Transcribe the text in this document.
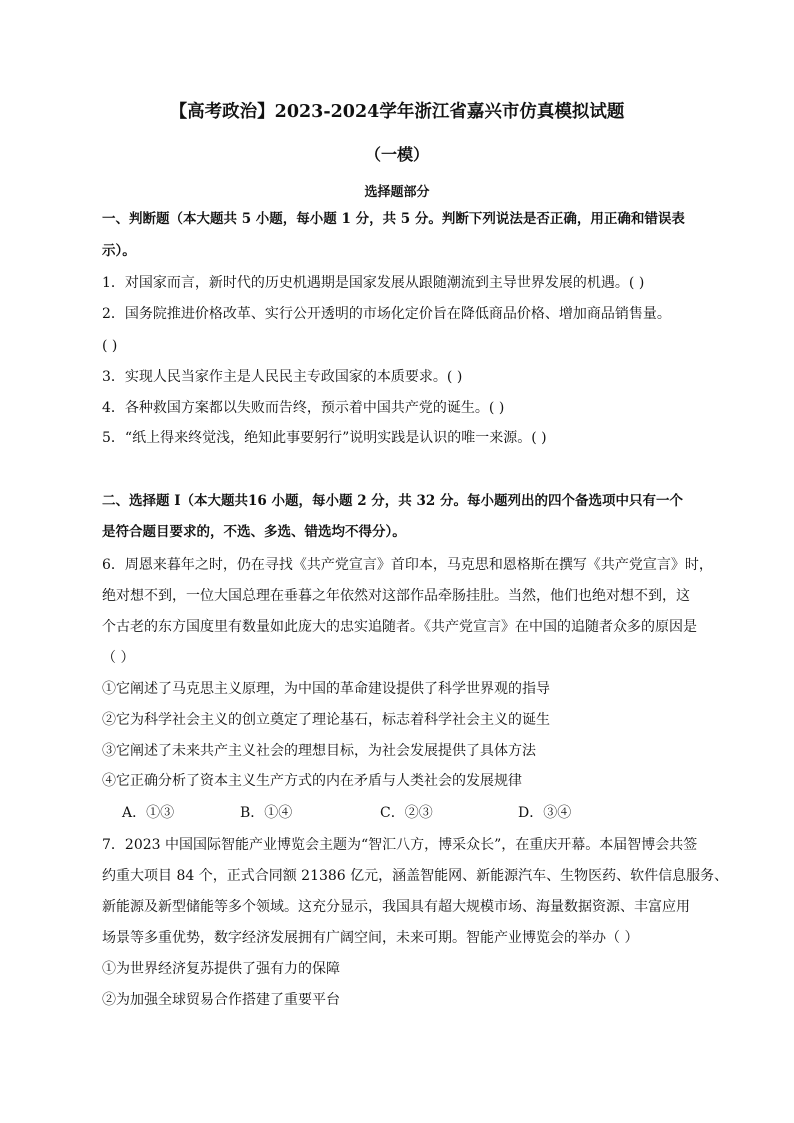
【高考政治】2023-2024学年浙江省嘉兴市仿真模拟试题
（一模）
选择题部分
一、判断题（本大题共 5 小题，每小题 1 分，共 5 分。判断下列说法是否正确，用正确和错误表
示）。
1．对国家而言，新时代的历史机遇期是国家发展从跟随潮流到主导世界发展的机遇。( )
2．国务院推进价格改革、实行公开透明的市场化定价旨在降低商品价格、增加商品销售量。
( )
3．实现人民当家作主是人民民主专政国家的本质要求。( )
4．各种救国方案都以失败而告终，预示着中国共产党的诞生。( )
5．“纸上得来终觉浅，绝知此事要躬行”说明实践是认识的唯一来源。( )
二、选择题 I（本大题共16 小题，每小题 2 分，共 32 分。每小题列出的四个备选项中只有一个
是符合题目要求的，不选、多选、错选均不得分）。
6．周恩来暮年之时，仍在寻找《共产党宣言》首印本，马克思和恩格斯在撰写《共产党宣言》时，
绝对想不到，一位大国总理在垂暮之年依然对这部作品牵肠挂肚。当然，他们也绝对想不到，这
个古老的东方国度里有数量如此庞大的忠实追随者。《共产党宣言》在中国的追随者众多的原因是
（ ）
①它阐述了马克思主义原理，为中国的革命建设提供了科学世界观的指导
②它为科学社会主义的创立奠定了理论基石，标志着科学社会主义的诞生
③它阐述了未来共产主义社会的理想目标，为社会发展提供了具体方法
④它正确分析了资本主义生产方式的内在矛盾与人类社会的发展规律
A．①③	B．①④	C．②③	D．③④
7．2023 中国国际智能产业博览会主题为“智汇八方，博采众长”，在重庆开幕。本届智博会共签
约重大项目 84 个，正式合同额 21386 亿元，涵盖智能网、新能源汽车、生物医药、软件信息服务、
新能源及新型储能等多个领域。这充分显示，我国具有超大规模市场、海量数据资源、丰富应用
场景等多重优势，数字经济发展拥有广阔空间，未来可期。智能产业博览会的举办（ ）
①为世界经济复苏提供了强有力的保障
②为加强全球贸易合作搭建了重要平台
